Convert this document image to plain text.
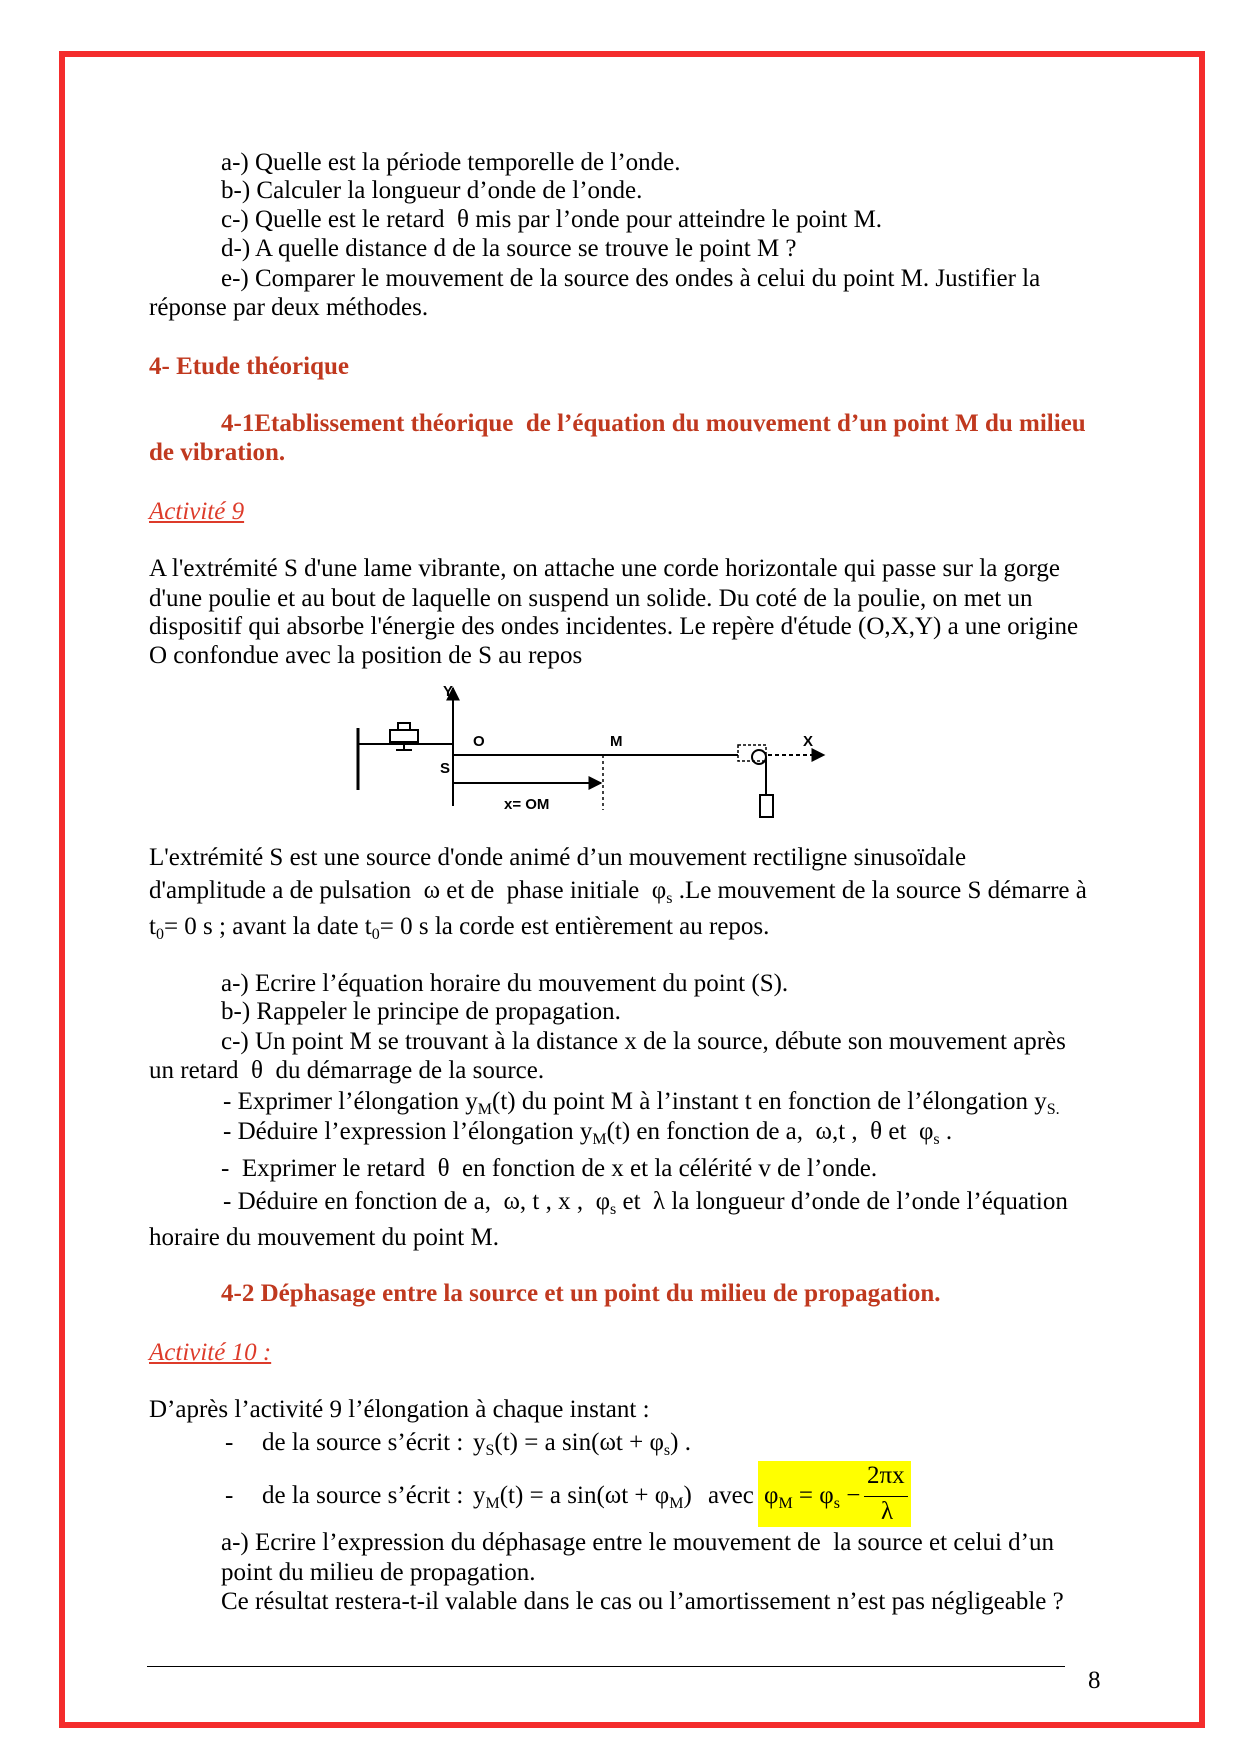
a-) Quelle est la période temporelle de l’onde.
b-) Calculer la longueur d’onde de l’onde.
c-) Quelle est le retard  θ mis par l’onde pour atteindre le point M.
d-) A quelle distance d de la source se trouve le point M ?
e-) Comparer le mouvement de la source des ondes à celui du point M. Justifier la
réponse par deux méthodes.
4- Etude théorique
4-1Etablissement théorique  de l’équation du mouvement d’un point M du milieu
de vibration.
Activité 9
A l'extrémité S d'une lame vibrante, on attache une corde horizontale qui passe sur la gorge
d'une poulie et au bout de laquelle on suspend un solide. Du coté de la poulie, on met un
dispositif qui absorbe l'énergie des ondes incidentes. Le repère d'étude (O,X,Y) a une origine
O confondue avec la position de S au repos
Y
O	M	X
S
x= OM
L'extrémité S est une source d'onde animé d’un mouvement rectiligne sinusoïdale
d'amplitude a de pulsation  ω et de  phase initiale  $\varphi_s$ .Le mouvement de la source S démarre à
$t_0= 0$ s ; avant la date $t_0= 0$ s la corde est entièrement au repos.
a-) Ecrire l’équation horaire du mouvement du point (S).
b-) Rappeler le principe de propagation.
c-) Un point M se trouvant à la distance x de la source, débute son mouvement après
un retard  θ  du démarrage de la source.
- Exprimer l’élongation $y_M(t)$ du point M à l’instant t en fonction de l’élongation $y_{S.}$
- Déduire l’expression l’élongation $y_M(t)$ en fonction de a,  ω,t ,  θ et  $\varphi_s$ .
-  Exprimer le retard  θ  en fonction de x et la célérité v de l’onde.
- Déduire en fonction de a,  ω, t , x ,  $\varphi_s$ et  λ la longueur d’onde de l’onde l’équation
horaire du mouvement du point M.
4-2 Déphasage entre la source et un point du milieu de propagation.
Activité 10 :
D’après l’activité 9 l’élongation à chaque instant :
- de la source s’écrit : $y_S(t) = a$ $\sin(\omega t + \varphi_s)$ .
- de la source s’écrit : $y_M(t) = a$ $\sin(\omega t + \varphi_M)$ avec $\varphi_M = \varphi_s$ −
2πx
λ
a-) Ecrire l’expression du déphasage entre le mouvement de  la source et celui d’un
point du milieu de propagation.
Ce résultat restera-t-il valable dans le cas ou l’amortissement n’est pas négligeable ?
8
